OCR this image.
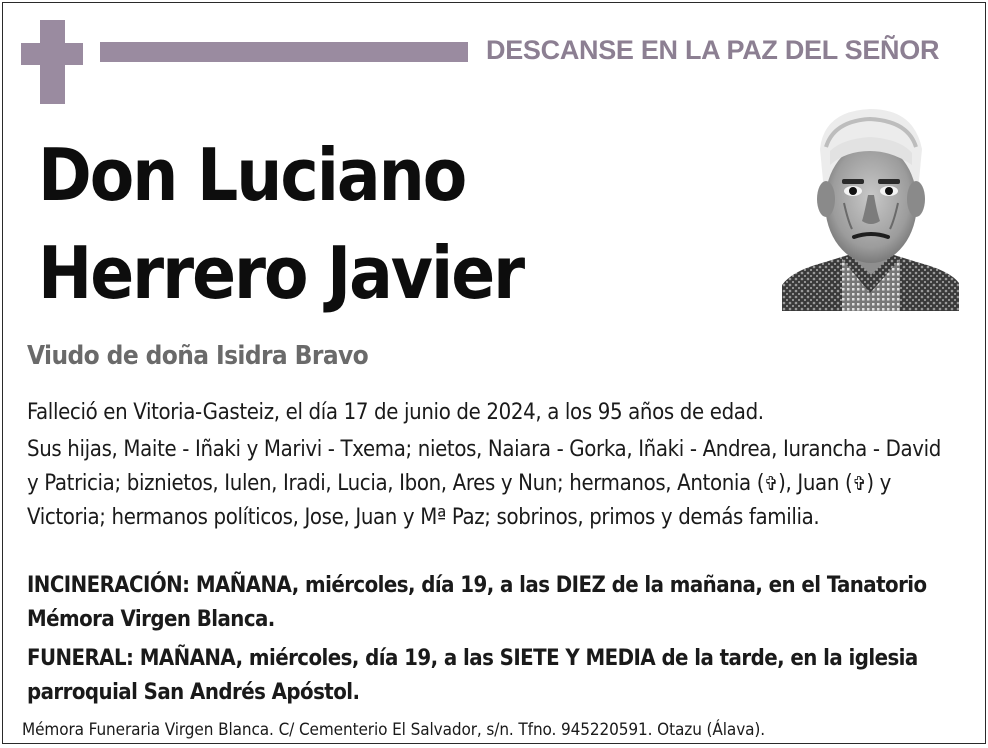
DESCANSE EN LA PAZ DEL SEÑOR
Don Luciano
Herrero Javier
Viudo de doña Isidra Bravo
Falleció en Vitoria-Gasteiz, el día 17 de junio de 2024, a los 95 años de edad.
Sus hijas, Maite - Iñaki y Marivi - Txema; nietos, Naiara - Gorka, Iñaki - Andrea, Iurancha - David y Patricia; biznietos, Iulen, Iradi, Lucia, Ibon, Ares y Nun; hermanos, Antonia (✞), Juan (✞) y Victoria; hermanos políticos, Jose, Juan y Mª Paz; sobrinos, primos y demás familia.
INCINERACIÓN: MAÑANA, miércoles, día 19, a las DIEZ de la mañana, en el Tanatorio Mémora Virgen Blanca.
FUNERAL: MAÑANA, miércoles, día 19, a las SIETE Y MEDIA de la tarde, en la iglesia parroquial San Andrés Apóstol.
Mémora Funeraria Virgen Blanca. C/ Cementerio El Salvador, s/n. Tfno. 945220591. Otazu (Álava).
